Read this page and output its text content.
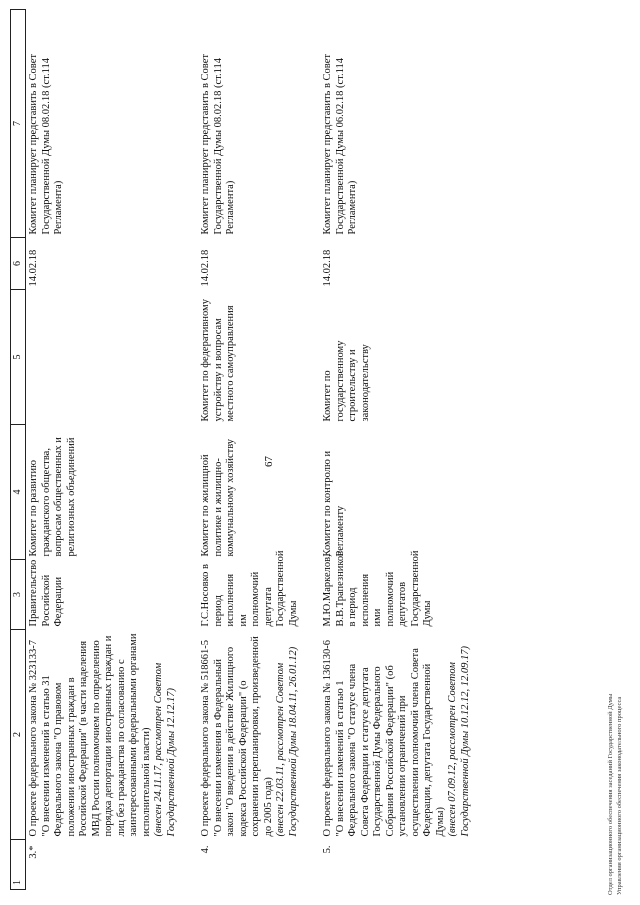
1	2	3	4	5	6	7
3.*	О проекте федерального закона № 323133-7 "О внесении изменений в статью 31 Федерального закона "О правовом положении иностранных граждан в Российской Федерации" (в части наделения МВД России полномочием по определению порядка депортации иностранных граждан и лиц без гражданства по согласованию с заинтересованными федеральными органами исполнительной власти) (внесен 24.11.17, рассмотрен Советом Государственной Думы 12.12.17)	Правительство Российской Федерации	Комитет по развитию гражданского общества, вопросам общественных и религиозных объединений		14.02.18	Комитет планирует представить в Совет Государственной Думы 08.02.18 (ст.114 Регламента)

4.	О проекте федерального закона № 518661-5 "О внесении изменения в Федеральный закон "О введении в действие Жилищного кодекса Российской Федерации" (о сохранении перепланировки, произведенной до 2005 года) (внесен 22.03.11, рассмотрен Советом Государственной Думы 18.04.11, 26.01.12)	Г.С.Носовко в период исполнения им полномочий депутата Государственной Думы	Комитет по жилищной политике и жилищно-коммунальному хозяйству	Комитет по федеративному устройству и вопросам местного самоуправления	14.02.18	Комитет планирует представить в Совет Государственной Думы 08.02.18 (ст.114 Регламента)

5.	О проекте федерального закона № 136130-6 "О внесении изменений в статью 1 Федерального закона "О статусе члена Совета Федерации и статусе депутата Государственной Думы Федерального Собрания Российской Федерации" (об установлении ограничений при осуществлении полномочий члена Совета Федерации, депутата Государственной Думы) (внесен 07.09.12, рассмотрен Советом Государственной Думы 10.12.12, 12.09.17)	М.Ю.Маркелов, В.В.Трапезников в период исполнения ими полномочий депутатов Государственной Думы	Комитет по контролю и Регламенту	Комитет по государственному строительству и законодательству	14.02.18	Комитет планирует представить в Совет Государственной Думы 06.02.18 (ст.114 Регламента)
67
Отдел организационного обеспечения заседаний Государственной Думы Управления организационного обеспечения законодательного процесса
